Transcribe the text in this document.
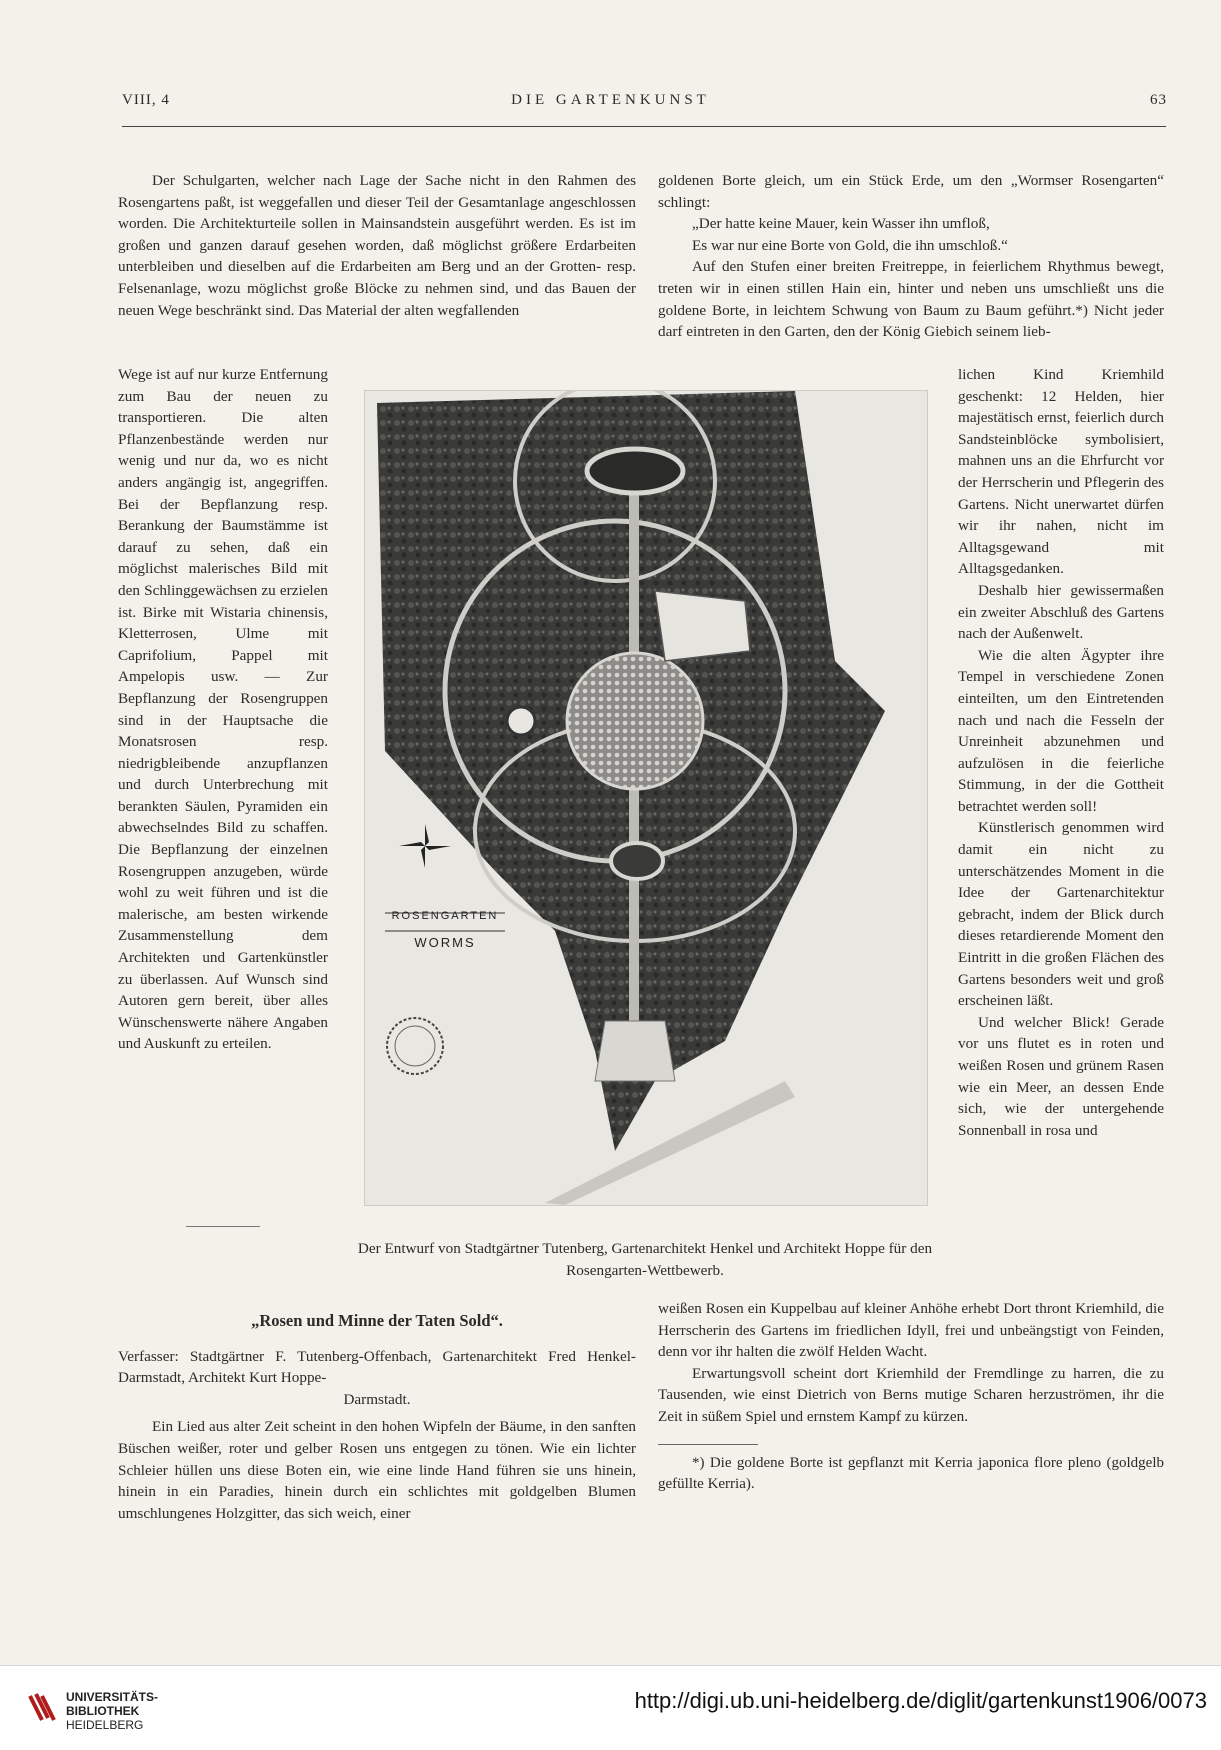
VIII, 4	DIE GARTENKUNST	63

Der Schulgarten, welcher nach Lage der Sache nicht in den Rahmen des Rosengartens paßt, ist weggefallen und dieser Teil der Gesamtanlage angeschlossen worden. Die Architekturteile sollen in Mainsandstein ausgeführt werden. Es ist im großen und ganzen darauf gesehen worden, daß möglichst größere Erdarbeiten unterbleiben und dieselben auf die Erdarbeiten am Berg und an der Grotten- resp. Felsenanlage, wozu möglichst große Blöcke zu nehmen sind, und das Bauen der neuen Wege beschränkt sind. Das Material der alten wegfallenden

Wege ist auf nur kurze Entfernung zum Bau der neuen zu transportieren. Die alten Pflanzenbestände werden nur wenig und nur da, wo es nicht anders angängig ist, angegriffen. Bei der Bepflanzung resp. Berankung der Baumstämme ist darauf zu sehen, daß ein möglichst malerisches Bild mit den Schlinggewächsen zu erzielen ist. Birke mit Wistaria chinensis, Kletterrosen, Ulme mit Caprifolium, Pappel mit Ampelopis usw. — Zur Bepflanzung der Rosengruppen sind in der Hauptsache die Monatsrosen resp. niedrigbleibende anzupflanzen und durch Unterbrechung mit berankten Säulen, Pyramiden ein abwechselndes Bild zu schaffen. Die Bepflanzung der einzelnen Rosengruppen anzugeben, würde wohl zu weit führen und ist die malerische, am besten wirkende Zusammenstellung dem Architekten und Gartenkünstler zu überlassen. Auf Wunsch sind Autoren gern bereit, über alles Wünschenswerte nähere Angaben und Auskunft zu erteilen.

goldenen Borte gleich, um ein Stück Erde, um den „Wormser Rosengarten“ schlingt:

„Der hatte keine Mauer, kein Wasser ihn umfloß,

Es war nur eine Borte von Gold, die ihn umschloß.“

Auf den Stufen einer breiten Freitreppe, in feierlichem Rhythmus bewegt, treten wir in einen stillen Hain ein, hinter und neben uns umschließt uns die goldene Borte, in leichtem Schwung von Baum zu Baum geführt.*) Nicht jeder darf eintreten in den Garten, den der König Giebich seinem lieb-

lichen Kind Kriemhild geschenkt: 12 Helden, hier majestätisch ernst, feierlich durch Sandsteinblöcke symbolisiert, mahnen uns an die Ehrfurcht vor der Herrscherin und Pflegerin des Gartens. Nicht unerwartet dürfen wir ihr nahen, nicht im Alltagsgewand mit Alltagsgedanken.

Deshalb hier gewissermaßen ein zweiter Abschluß des Gartens nach der Außenwelt.

Wie die alten Ägypter ihre Tempel in verschiedene Zonen einteilten, um den Eintretenden nach und nach die Fesseln der Unreinheit abzunehmen und aufzulösen in die feierliche Stimmung, in der die Gottheit betrachtet werden soll!

Künstlerisch genommen wird damit ein nicht zu unterschätzendes Moment in die Idee der Gartenarchitektur gebracht, indem der Blick durch dieses retardierende Moment den Eintritt in die großen Flächen des Gartens besonders weit und groß erscheinen läßt.

Und welcher Blick! Gerade vor uns flutet es in roten und weißen Rosen und grünem Rasen wie ein Meer, an dessen Ende sich, wie der untergehende Sonnenball in rosa und

ROSENGARTEN
WORMS
Der Entwurf von Stadtgärtner Tutenberg, Gartenarchitekt Henkel und Architekt Hoppe für den Rosengarten-Wettbewerb.

„Rosen und Minne der Taten Sold“.

Verfasser: Stadtgärtner F. Tutenberg-Offenbach, Gartenarchitekt Fred Henkel-Darmstadt, Architekt Kurt Hoppe-
Darmstadt.

Ein Lied aus alter Zeit scheint in den hohen Wipfeln der Bäume, in den sanften Büschen weißer, roter und gelber Rosen uns entgegen zu tönen. Wie ein lichter Schleier hüllen uns diese Boten ein, wie eine linde Hand führen sie uns hinein, hinein in ein Paradies, hinein durch ein schlichtes mit goldgelben Blumen umschlungenes Holzgitter, das sich weich, einer

weißen Rosen ein Kuppelbau auf kleiner Anhöhe erhebt Dort thront Kriemhild, die Herrscherin des Gartens im friedlichen Idyll, frei und unbeängstigt von Feinden, denn vor ihr halten die zwölf Helden Wacht.

Erwartungsvoll scheint dort Kriemhild der Fremdlinge zu harren, die zu Tausenden, wie einst Dietrich von Berns mutige Scharen herzuströmen, ihr die Zeit in süßem Spiel und ernstem Kampf zu kürzen.

*) Die goldene Borte ist gepflanzt mit Kerria japonica flore pleno (goldgelb gefüllte Kerria).

UNIVERSITÄTS-
BIBLIOTHEK
HEIDELBERG
http://digi.ub.uni-heidelberg.de/diglit/gartenkunst1906/0073
